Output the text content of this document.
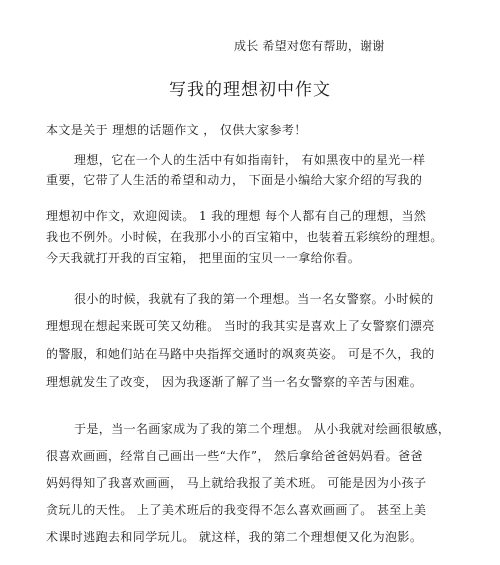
成长 希望对您有帮助，谢谢
写我的理想初中作文
本文是关于 理想的话题作文 ， 仅供大家参考！
理想，它在一个人的生活中有如指南针， 有如黑夜中的星光一样
重要，它带了人生活的希望和动力， 下面是小编给大家介绍的写我的
理想初中作文，欢迎阅读。 1 我的理想 每个人都有自己的理想，当然
我也不例外。小时候，在我那小小的百宝箱中，也装着五彩缤纷的理想。
今天我就打开我的百宝箱， 把里面的宝贝一一拿给你看。
很小的时候，我就有了我的第一个理想。当一名女警察。小时候的
理想现在想起来既可笑又幼稚。 当时的我其实是喜欢上了女警察们漂亮
的警服，和她们站在马路中央指挥交通时的飒爽英姿。 可是不久，我的
理想就发生了改变， 因为我逐渐了解了当一名女警察的辛苦与困难。
于是，当一名画家成为了我的第二个理想。 从小我就对绘画很敏感，
很喜欢画画，经常自己画出一些“大作”， 然后拿给爸爸妈妈看。爸爸
妈妈得知了我喜欢画画， 马上就给我报了美术班。 可能是因为小孩子
贪玩儿的天性。 上了美术班后的我变得不怎么喜欢画画了。 甚至上美
术课时逃跑去和同学玩儿。 就这样，我的第二个理想便又化为泡影。
